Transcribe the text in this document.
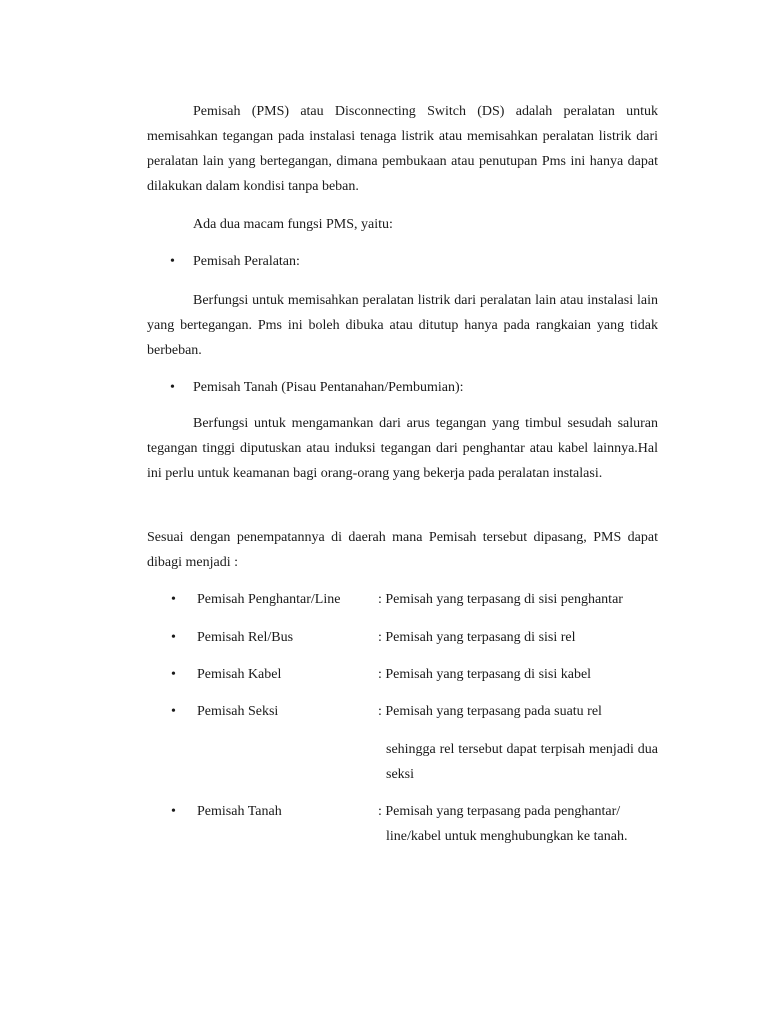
Pemisah (PMS) atau Disconnecting Switch (DS) adalah peralatan untuk memisahkan tegangan pada instalasi tenaga listrik atau memisahkan peralatan listrik dari peralatan lain yang bertegangan, dimana pembukaan atau penutupan Pms ini hanya dapat dilakukan dalam kondisi tanpa beban.

Ada dua macam fungsi PMS, yaitu:

• Pemisah Peralatan:

Berfungsi untuk memisahkan peralatan listrik dari peralatan lain atau instalasi lain yang bertegangan. Pms ini boleh dibuka atau ditutup hanya pada rangkaian yang tidak berbeban.

• Pemisah Tanah (Pisau Pentanahan/Pembumian):

Berfungsi untuk mengamankan dari arus tegangan yang timbul sesudah saluran tegangan tinggi diputuskan atau induksi tegangan dari penghantar atau kabel lainnya.Hal ini perlu untuk keamanan bagi orang-orang yang bekerja pada peralatan instalasi.

Sesuai dengan penempatannya di daerah mana Pemisah tersebut dipasang, PMS dapat dibagi menjadi :

• Pemisah Penghantar/Line	: Pemisah yang terpasang di sisi penghantar

• Pemisah Rel/Bus	: Pemisah yang terpasang di sisi rel

• Pemisah Kabel	: Pemisah yang terpasang di sisi kabel

• Pemisah Seksi	: Pemisah yang terpasang pada suatu rel

sehingga rel tersebut dapat terpisah menjadi dua seksi

• Pemisah Tanah	: Pemisah yang terpasang pada penghantar/

line/kabel untuk menghubungkan ke tanah.
